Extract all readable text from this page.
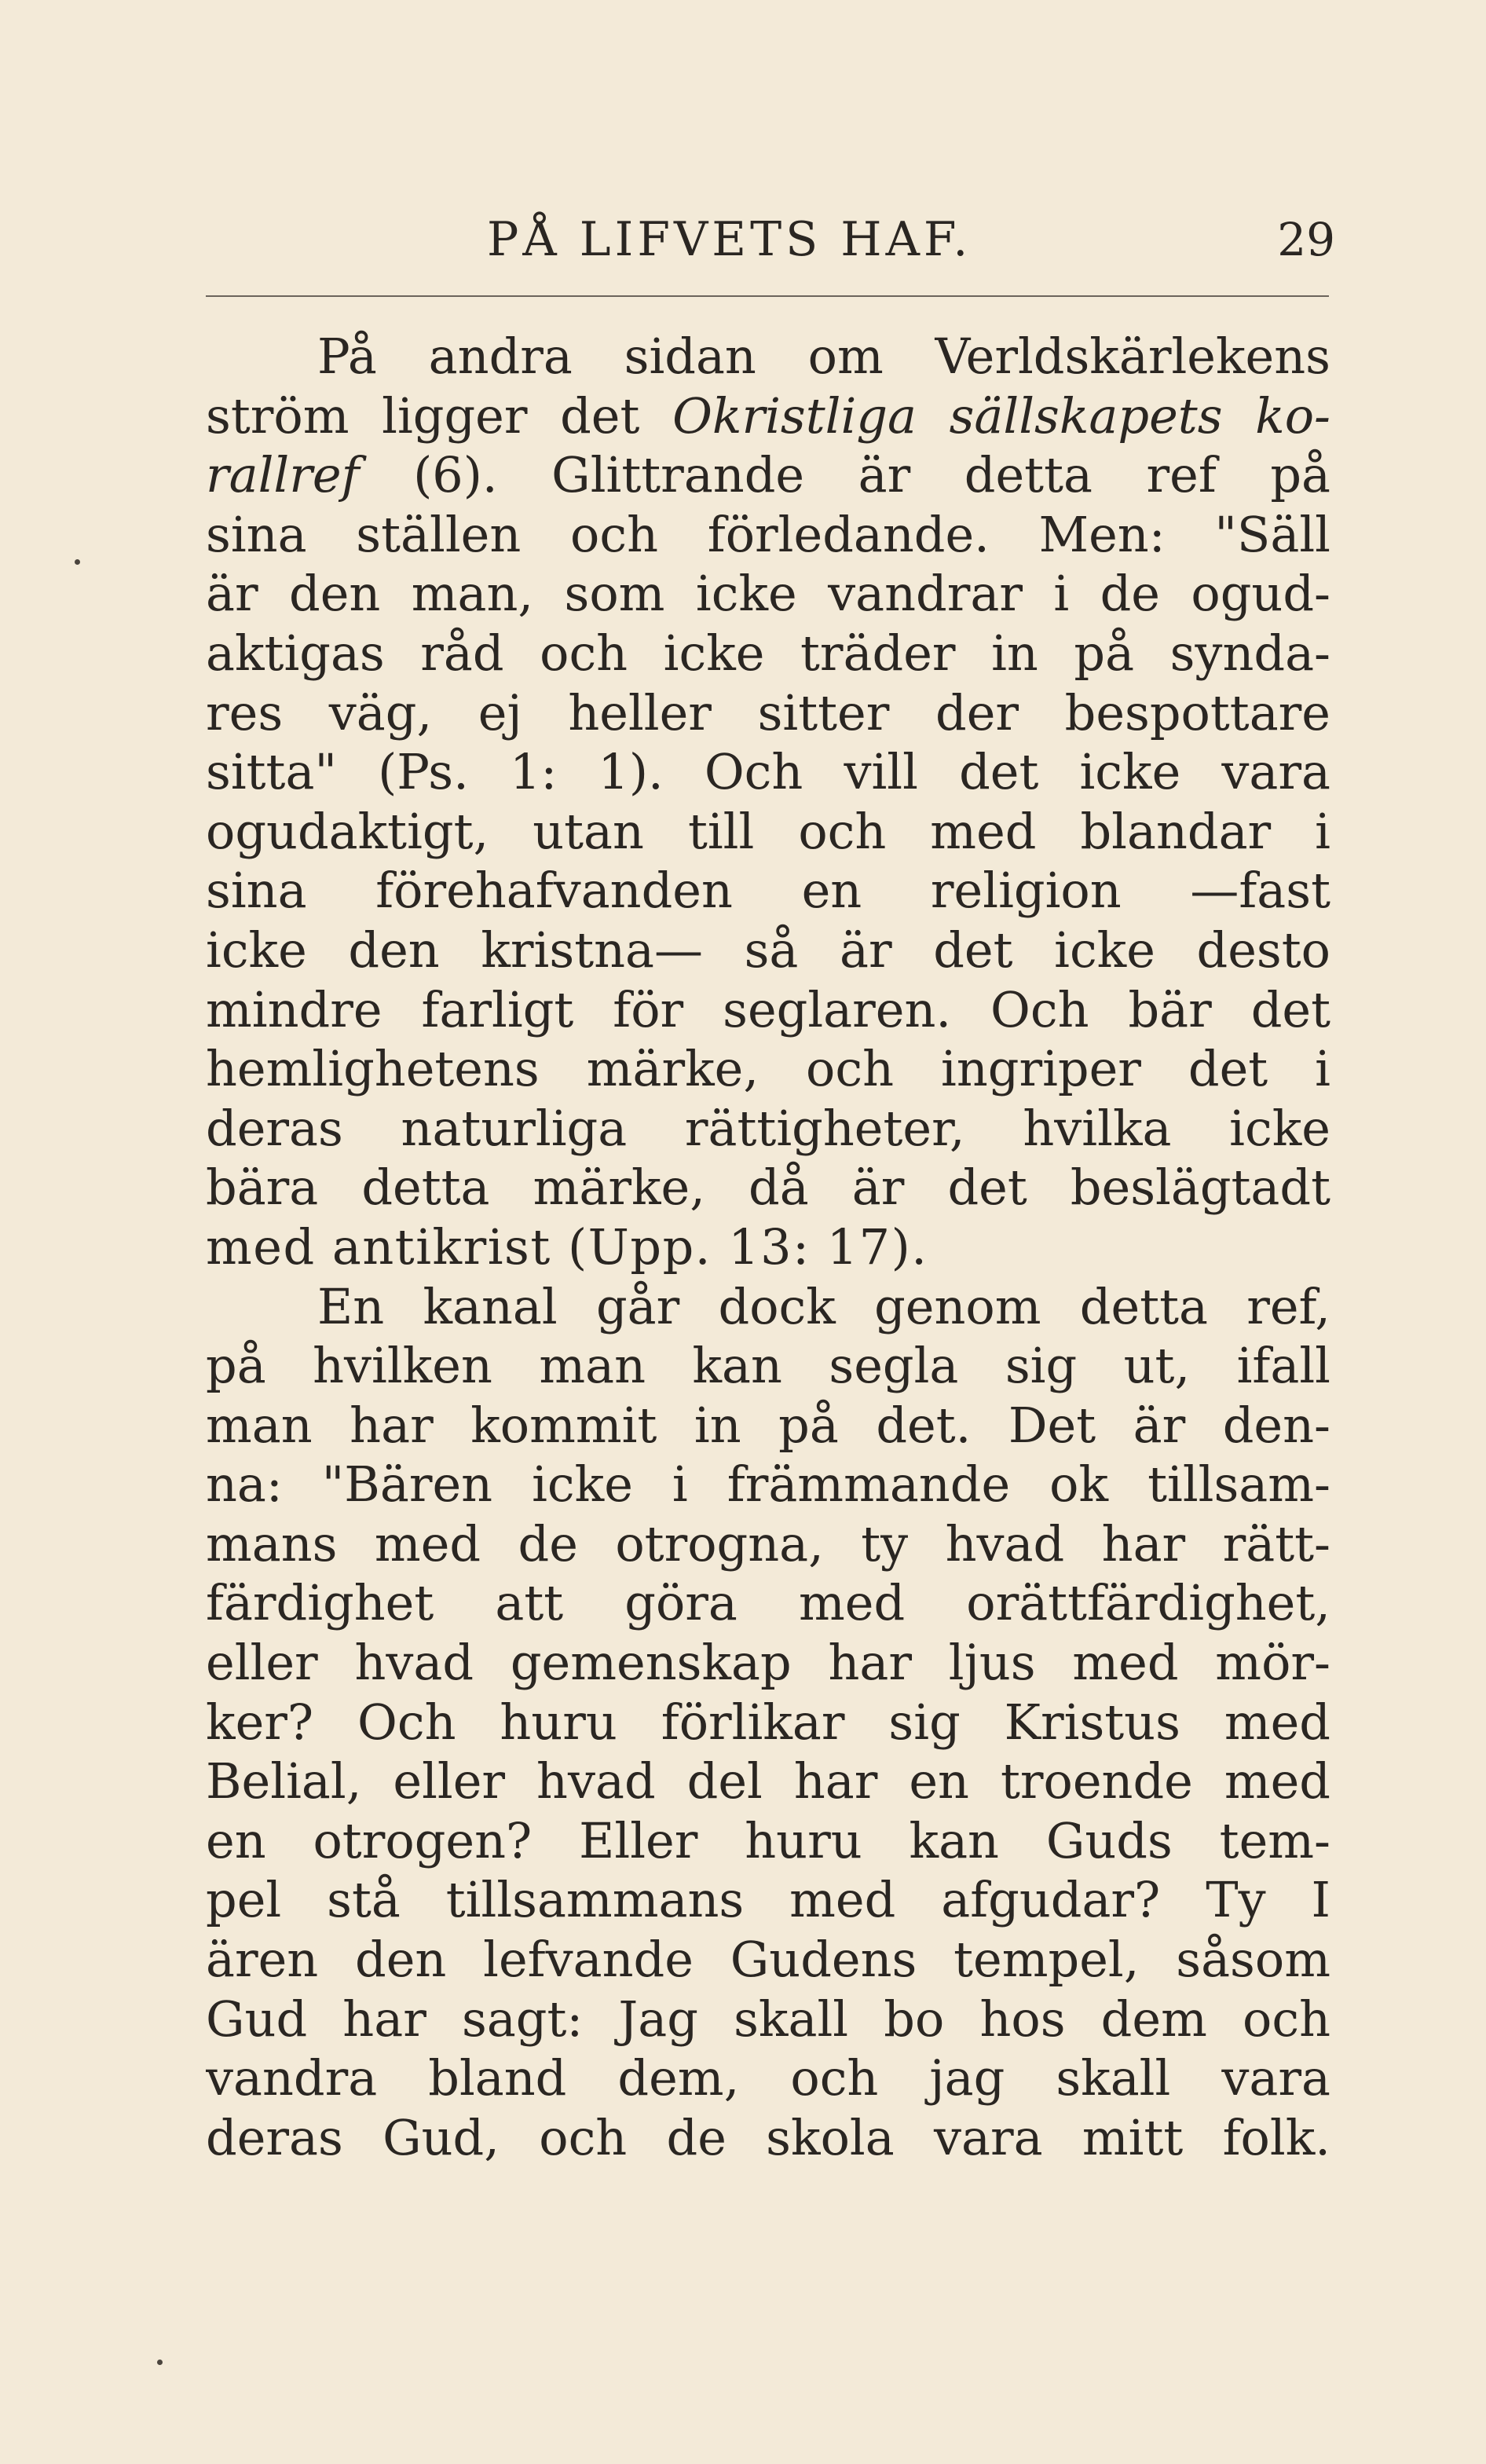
PÅ LIFVETS HAF.	29
På andra sidan om Verldskärlekens
ström ligger det Okristliga sällskapets ko-
rallref (6). Glittrande är detta ref på
sina ställen och förledande. Men: "Säll
är den man, som icke vandrar i de ogud-
aktigas råd och icke träder in på synda-
res väg, ej heller sitter der bespottare
sitta" (Ps. 1: 1). Och vill det icke vara
ogudaktigt, utan till och med blandar i
sina förehafvanden en religion —fast
icke den kristna— så är det icke desto
mindre farligt för seglaren. Och bär det
hemlighetens märke, och ingriper det i
deras naturliga rättigheter, hvilka icke
bära detta märke, då är det beslägtadt
med antikrist (Upp. 13: 17).
En kanal går dock genom detta ref,
på hvilken man kan segla sig ut, ifall
man har kommit in på det. Det är den-
na: "Bären icke i främmande ok tillsam-
mans med de otrogna, ty hvad har rätt-
färdighet att göra med orättfärdighet,
eller hvad gemenskap har ljus med mör-
ker? Och huru förlikar sig Kristus med
Belial, eller hvad del har en troende med
en otrogen? Eller huru kan Guds tem-
pel stå tillsammans med afgudar? Ty I
ären den lefvande Gudens tempel, såsom
Gud har sagt: Jag skall bo hos dem och
vandra bland dem, och jag skall vara
deras Gud, och de skola vara mitt folk.
